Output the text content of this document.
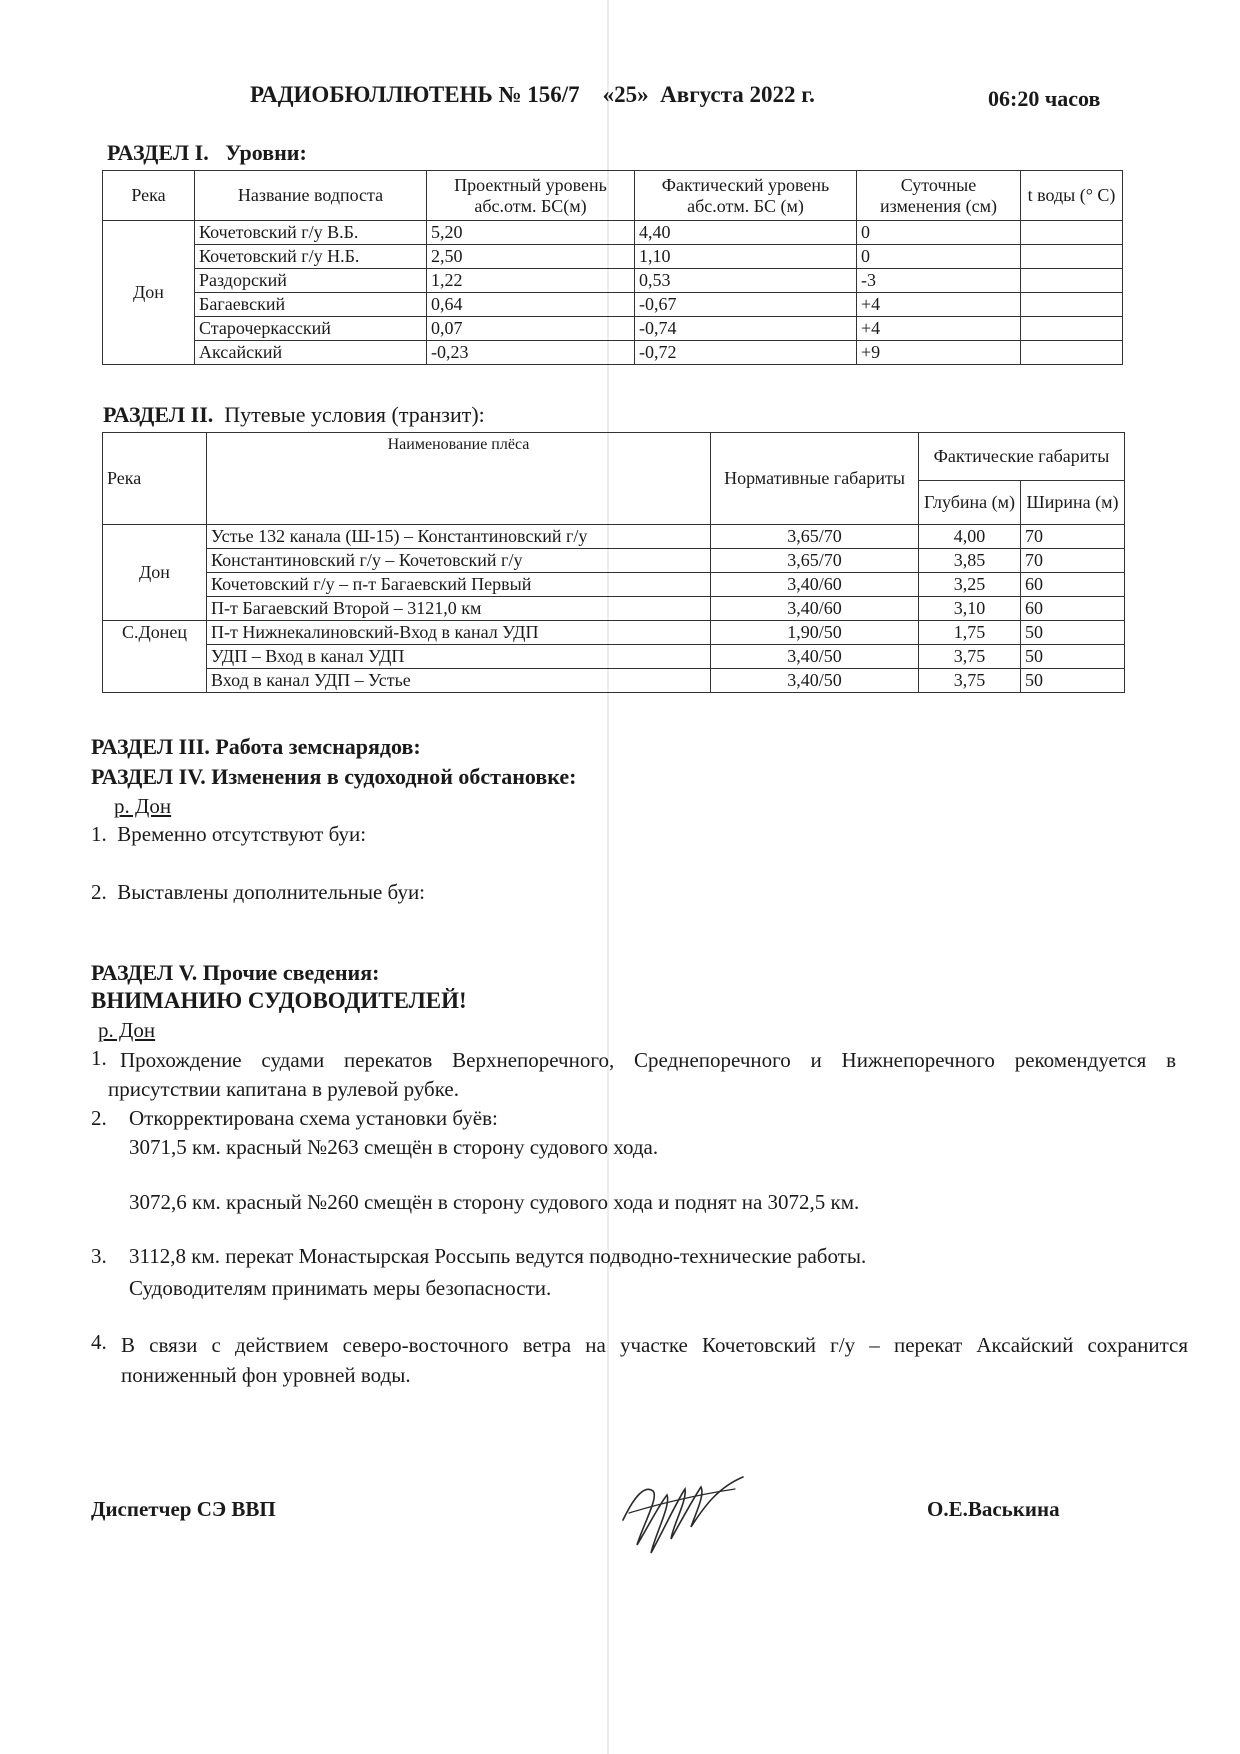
РАДИОБЮЛЛЮТЕНЬ № 156/7    «25»  Августа 2022 г.	06:20 часов
РАЗДЕЛ I. Уровни:
Река	Название водпоста	Проектный уровень абс.отм. БС(м)	Фактический уровень абс.отм. БС (м)	Суточные изменения (см)	t воды (° С)
Дон	Кочетовский г/у В.Б.	5,20	4,40	0	
	Кочетовский г/у Н.Б.	2,50	1,10	0	
	Раздорский	1,22	0,53	-3	
	Багаевский	0,64	-0,67	+4	
	Старочеркасский	0,07	-0,74	+4	
	Аксайский	-0,23	-0,72	+9	
РАЗДЕЛ II. Путевые условия (транзит):
Река	Наименование плёса	Нормативные габариты	Фактические габариты	
			Глубина (м)	Ширина (м)
Дон	Устье 132 канала (Ш-15) – Константиновский г/у	3,65/70	4,00	70
	Константиновский г/у – Кочетовский г/у	3,65/70	3,85	70
	Кочетовский г/у – п-т Багаевский Первый	3,40/60	3,25	60
	П-т Багаевский Второй – 3121,0 км	3,40/60	3,10	60
С.Донец	П-т Нижнекалиновский-Вход в канал УДП	1,90/50	1,75	50
	УДП – Вход в канал УДП	3,40/50	3,75	50
	Вход в канал УДП – Устье	3,40/50	3,75	50
РАЗДЕЛ III. Работа земснарядов:
РАЗДЕЛ IV. Изменения в судоходной обстановке:
р. Дон
1.  Временно отсутствуют буи:
2.  Выставлены дополнительные буи:
РАЗДЕЛ V. Прочие сведения:
ВНИМАНИЮ СУДОВОДИТЕЛЕЙ!
р. Дон
1. Прохождение судами перекатов Верхнепоречного, Среднепоречного и Нижнепоречного рекомендуется в присутствии капитана в рулевой рубке.
2. Откорректирована схема установки буёв:
3071,5 км. красный №263 смещён в сторону судового хода.
3072,6 км. красный №260 смещён в сторону судового хода и поднят на 3072,5 км.
3. 3112,8 км. перекат Монастырская Россыпь ведутся подводно-технические работы.
Судоводителям принимать меры безопасности.
4. В связи с действием северо-восточного ветра на участке Кочетовский г/у – перекат Аксайский сохранится пониженный фон уровней воды.
Диспетчер СЭ ВВП	О.Е.Васькина
